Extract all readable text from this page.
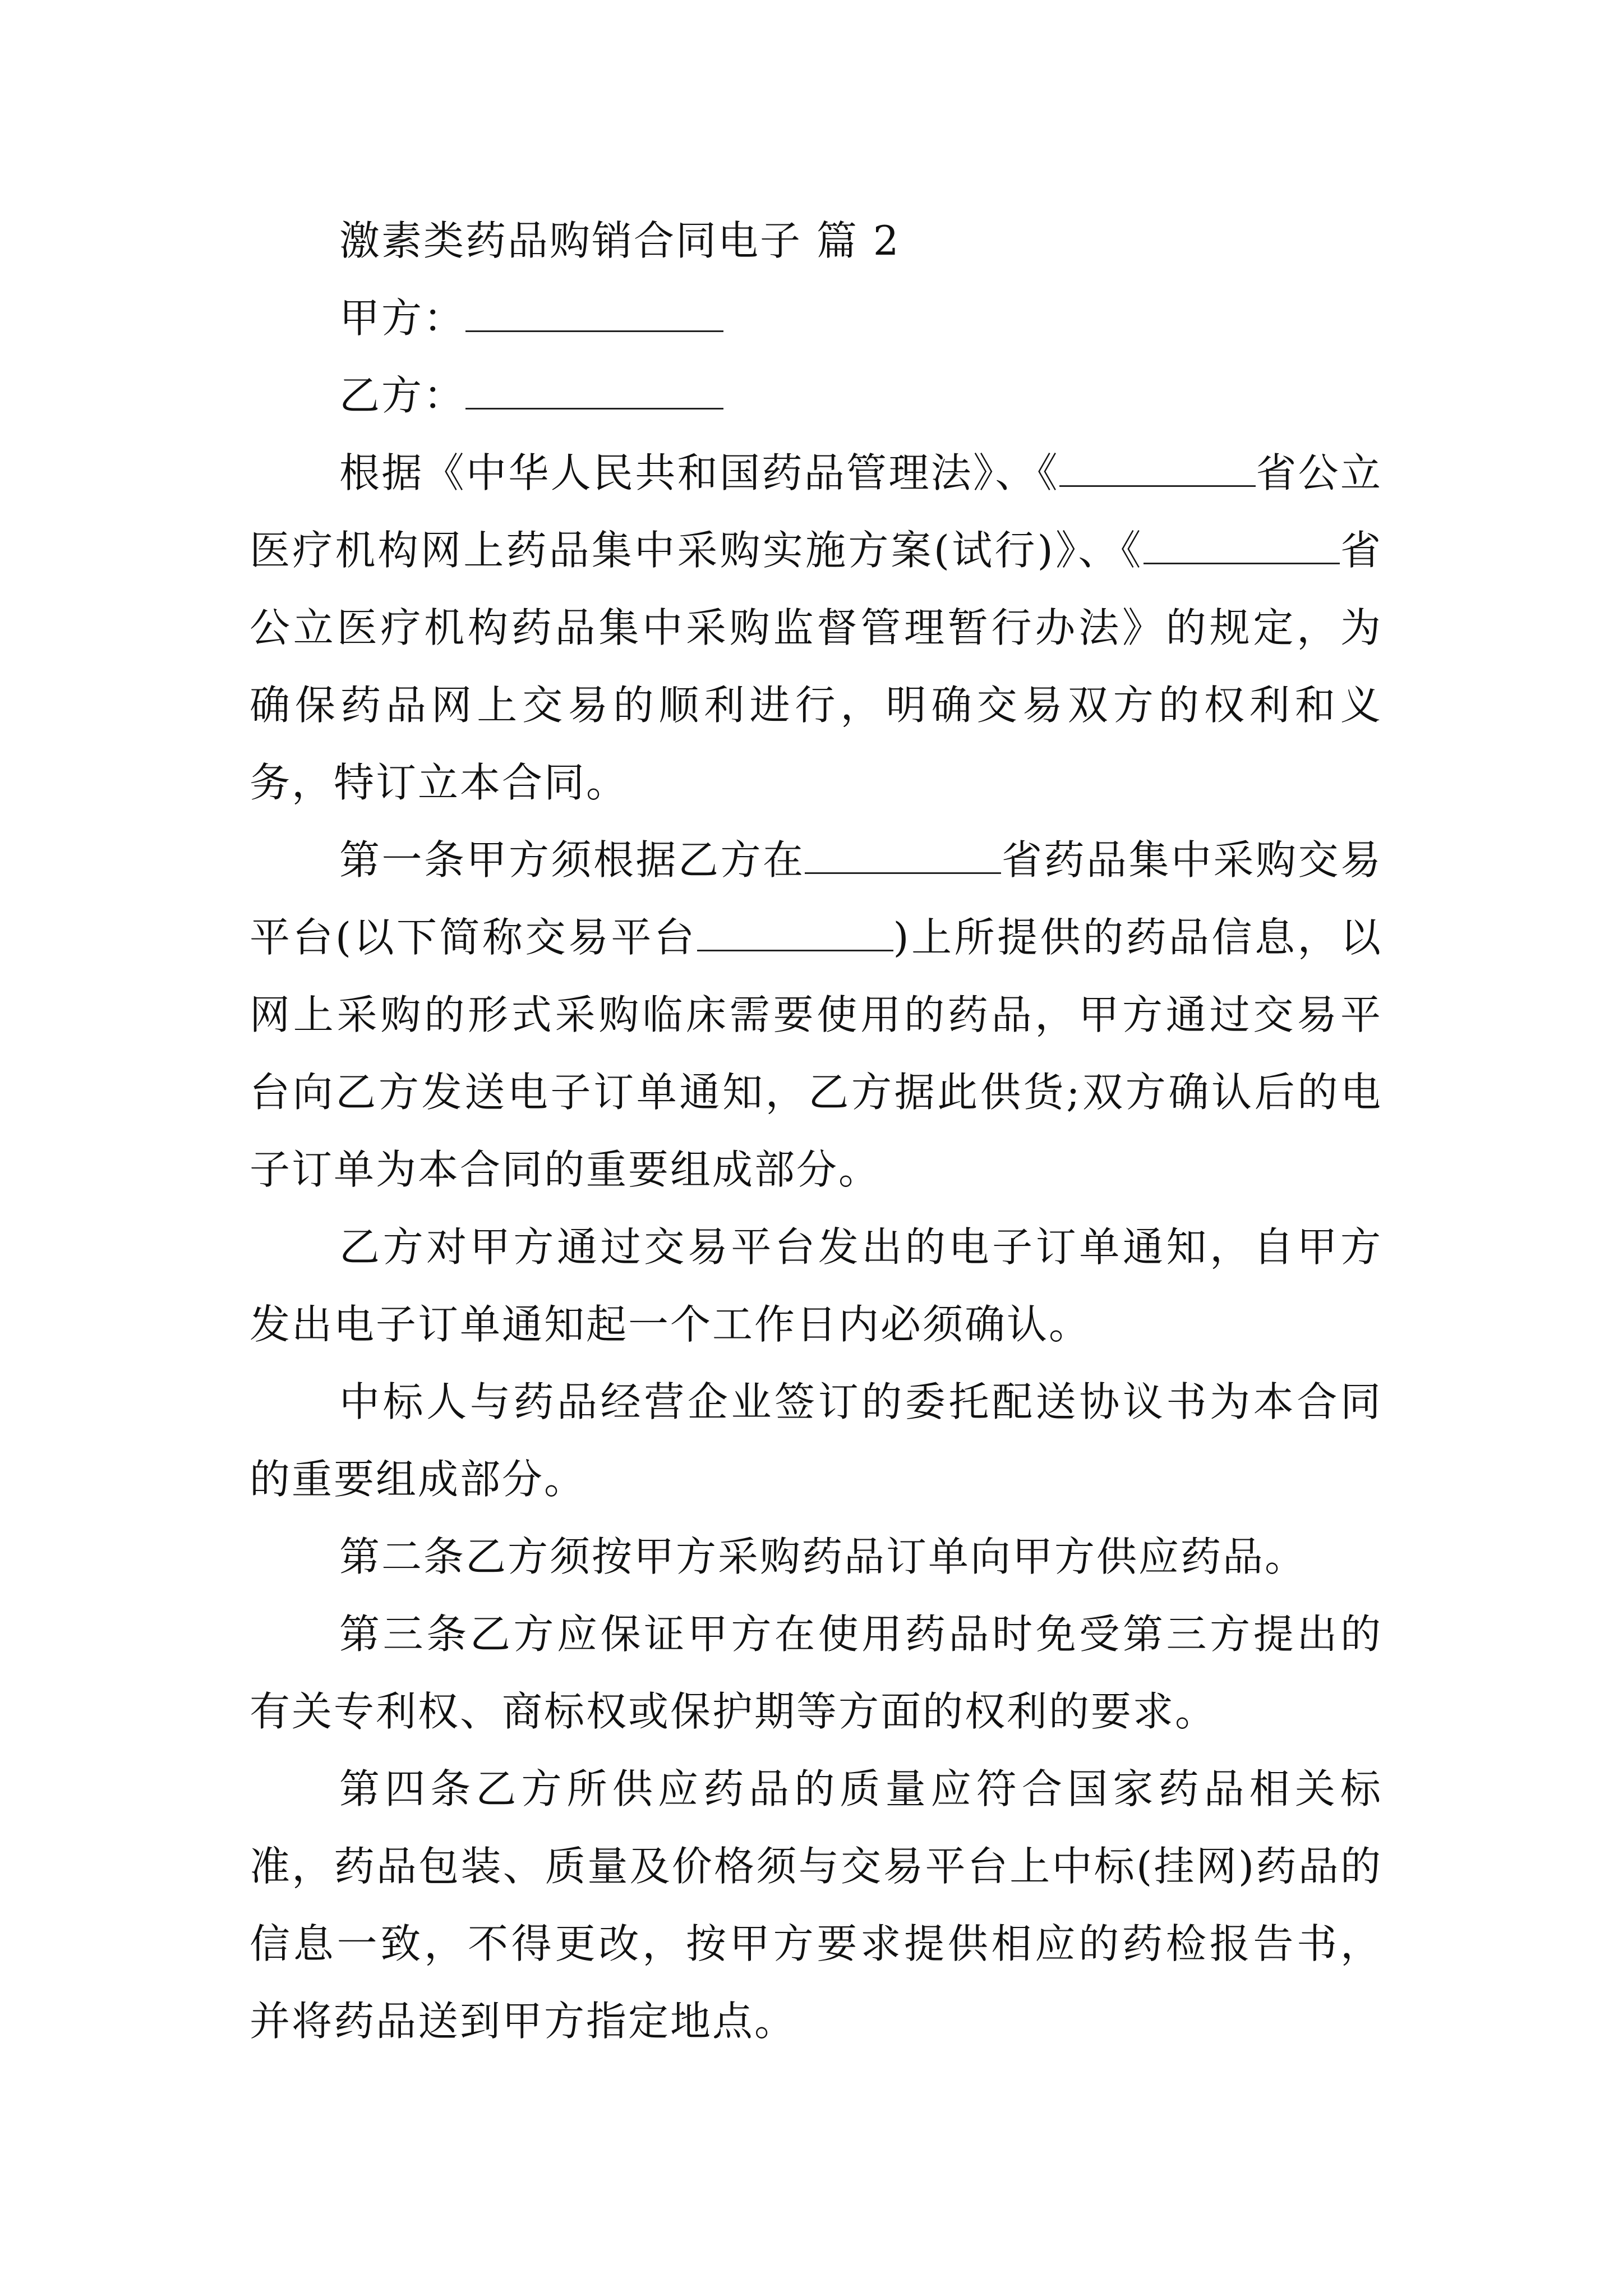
激素类药品购销合同电子 篇 2

甲方：

乙方：

根据《中华人民共和国药品管理法》、《	省公立医疗机构网上药品集中采购实施方案(试行)》、《	省公立医疗机构药品集中采购监督管理暂行办法》的规定，为确保药品网上交易的顺利进行，明确交易双方的权利和义务，特订立本合同。

第一条甲方须根据乙方在	省药品集中采购交易平台(以下简称交易平台	)上所提供的药品信息，以网上采购的形式采购临床需要使用的药品，甲方通过交易平台向乙方发送电子订单通知，乙方据此供货;双方确认后的电子订单为本合同的重要组成部分。

乙方对甲方通过交易平台发出的电子订单通知，自甲方发出电子订单通知起一个工作日内必须确认。

中标人与药品经营企业签订的委托配送协议书为本合同的重要组成部分。

第二条乙方须按甲方采购药品订单向甲方供应药品。

第三条乙方应保证甲方在使用药品时免受第三方提出的有关专利权、商标权或保护期等方面的权利的要求。

第四条乙方所供应药品的质量应符合国家药品相关标准，药品包装、质量及价格须与交易平台上中标(挂网)药品的信息一致，不得更改，按甲方要求提供相应的药检报告书，并将药品送到甲方指定地点。
